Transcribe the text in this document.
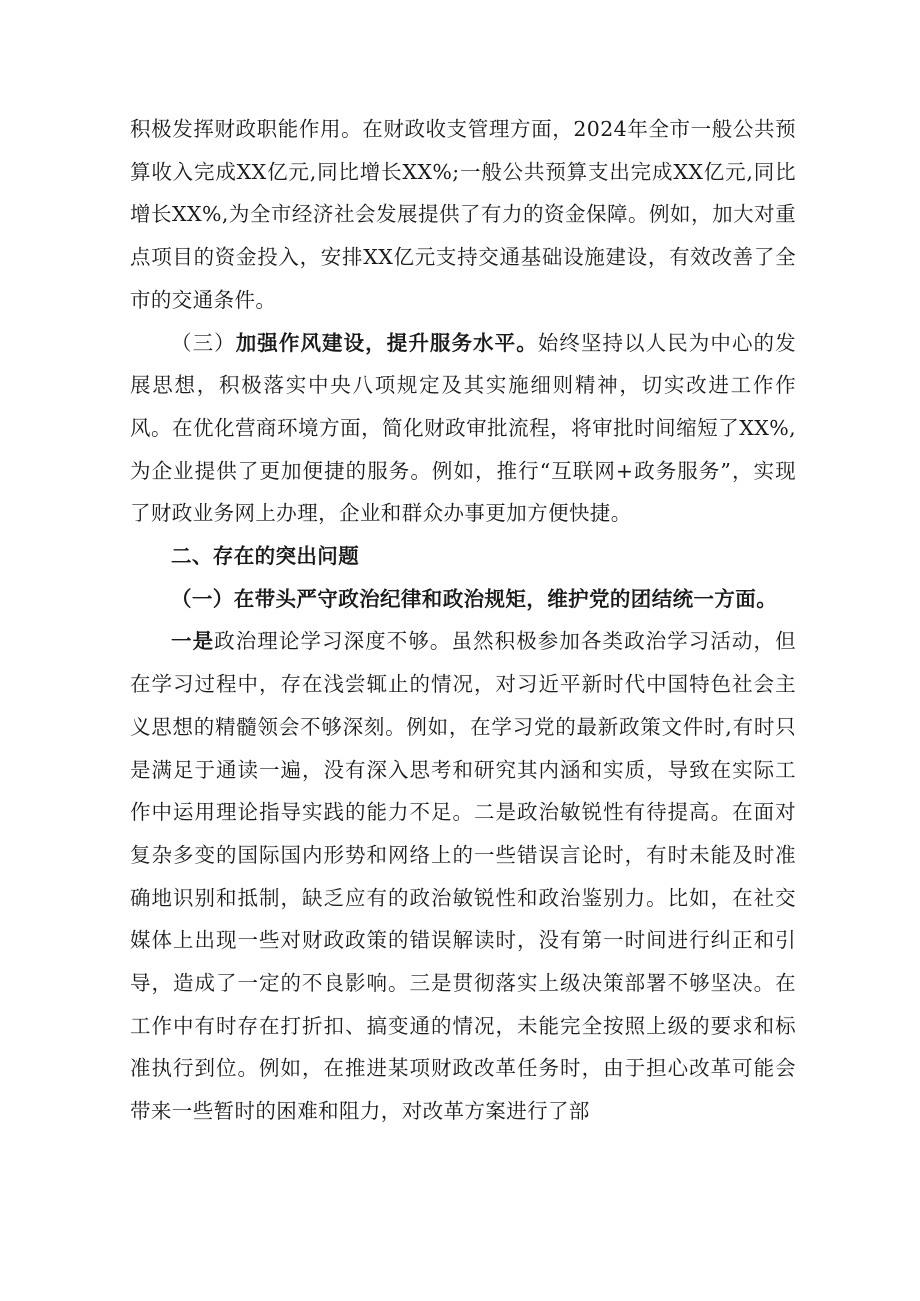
积极发挥财政职能作用。在财政收支管理方面，2024年全市一般公共预算收入完成XX亿元,同比增长XX%;一般公共预算支出完成XX亿元,同比增长XX%,为全市经济社会发展提供了有力的资金保障。例如，加大对重点项目的资金投入，安排XX亿元支持交通基础设施建设，有效改善了全市的交通条件。

（三）加强作风建设，提升服务水平。始终坚持以人民为中心的发展思想，积极落实中央八项规定及其实施细则精神，切实改进工作作风。在优化营商环境方面，简化财政审批流程，将审批时间缩短了XX%,为企业提供了更加便捷的服务。例如，推行“互联网+政务服务”，实现了财政业务网上办理，企业和群众办事更加方便快捷。

二、存在的突出问题

（一）在带头严守政治纪律和政治规矩，维护党的团结统一方面。

一是政治理论学习深度不够。虽然积极参加各类政治学习活动，但在学习过程中，存在浅尝辄止的情况，对习近平新时代中国特色社会主义思想的精髓领会不够深刻。例如，在学习党的最新政策文件时,有时只是满足于通读一遍，没有深入思考和研究其内涵和实质，导致在实际工作中运用理论指导实践的能力不足。二是政治敏锐性有待提高。在面对复杂多变的国际国内形势和网络上的一些错误言论时，有时未能及时准确地识别和抵制，缺乏应有的政治敏锐性和政治鉴别力。比如，在社交媒体上出现一些对财政政策的错误解读时，没有第一时间进行纠正和引导，造成了一定的不良影响。三是贯彻落实上级决策部署不够坚决。在工作中有时存在打折扣、搞变通的情况，未能完全按照上级的要求和标准执行到位。例如，在推进某项财政改革任务时，由于担心改革可能会带来一些暂时的困难和阻力，对改革方案进行了部
